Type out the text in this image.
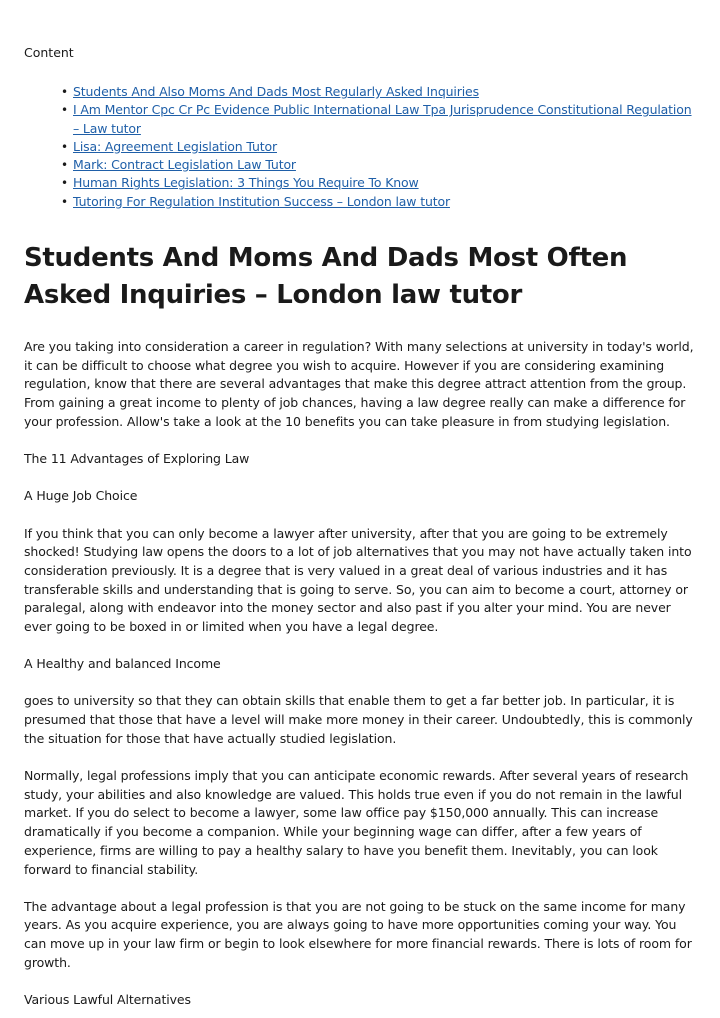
Content
• Students And Also Moms And Dads Most Regularly Asked Inquiries
• I Am Mentor Cpc Cr Pc Evidence Public International Law Tpa Jurisprudence Constitutional Regulation – Law tutor
• Lisa: Agreement Legislation Tutor
• Mark: Contract Legislation Law Tutor
• Human Rights Legislation: 3 Things You Require To Know
• Tutoring For Regulation Institution Success – London law tutor
Students And Moms And Dads Most Often Asked Inquiries – London law tutor

Are you taking into consideration a career in regulation? With many selections at university in today's world, it can be difficult to choose what degree you wish to acquire. However if you are considering examining regulation, know that there are several advantages that make this degree attract attention from the group. From gaining a great income to plenty of job chances, having a law degree really can make a difference for your profession. Allow's take a look at the 10 benefits you can take pleasure in from studying legislation.

The 11 Advantages of Exploring Law

A Huge Job Choice

If you think that you can only become a lawyer after university, after that you are going to be extremely shocked! Studying law opens the doors to a lot of job alternatives that you may not have actually taken into consideration previously. It is a degree that is very valued in a great deal of various industries and it has transferable skills and understanding that is going to serve. So, you can aim to become a court, attorney or paralegal, along with endeavor into the money sector and also past if you alter your mind. You are never ever going to be boxed in or limited when you have a legal degree.

A Healthy and balanced Income

goes to university so that they can obtain skills that enable them to get a far better job. In particular, it is presumed that those that have a level will make more money in their career. Undoubtedly, this is commonly the situation for those that have actually studied legislation.

Normally, legal professions imply that you can anticipate economic rewards. After several years of research study, your abilities and also knowledge are valued. This holds true even if you do not remain in the lawful market. If you do select to become a lawyer, some law office pay $150,000 annually. This can increase dramatically if you become a companion. While your beginning wage can differ, after a few years of experience, firms are willing to pay a healthy salary to have you benefit them. Inevitably, you can look forward to financial stability.

The advantage about a legal profession is that you are not going to be stuck on the same income for many years. As you acquire experience, you are always going to have more opportunities coming your way. You can move up in your law firm or begin to look elsewhere for more financial rewards. There is lots of room for growth.

Various Lawful Alternatives
